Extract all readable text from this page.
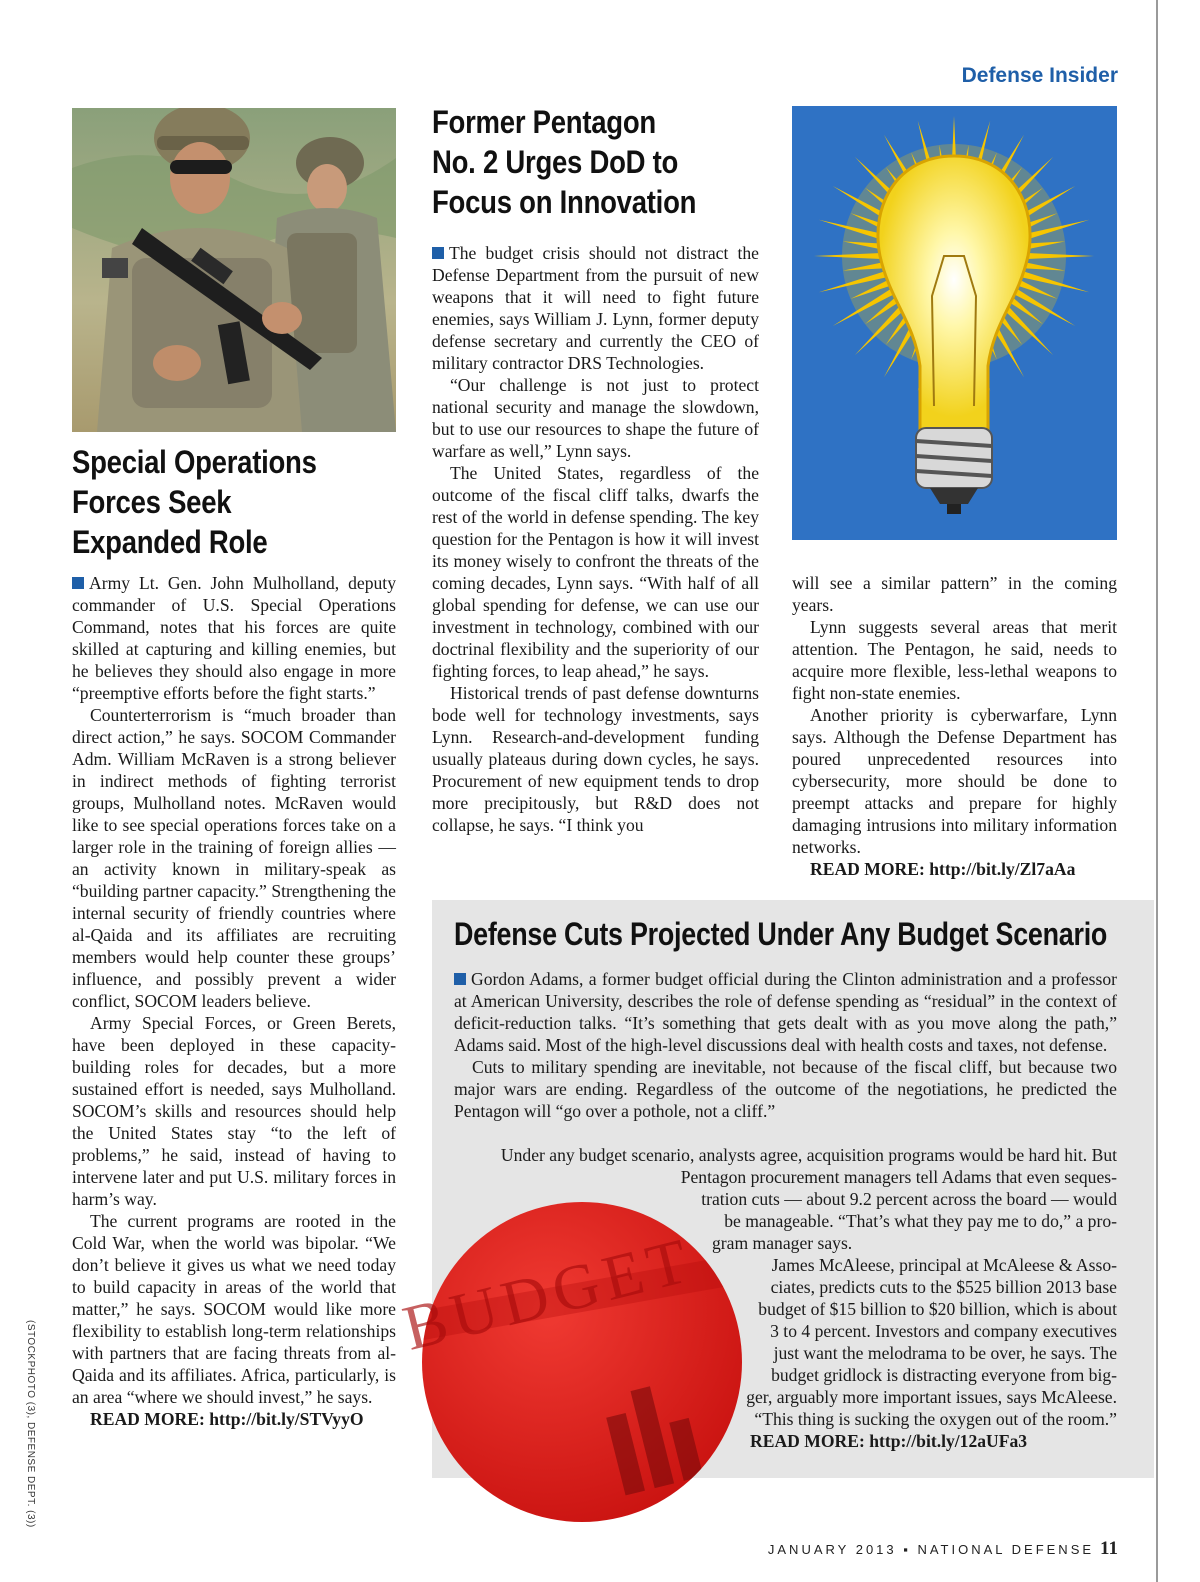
Defense Insider
Special Operations
Forces Seek
Expanded Role

Army Lt. Gen. John Mulholland, deputy commander of U.S. Special Operations Command, notes that his forces are quite skilled at capturing and killing enemies, but he believes they should also engage in more “preemptive efforts before the fight starts.”

Counterterrorism is “much broader than direct action,” he says. SOCOM Commander Adm. William McRaven is a strong believer in indirect methods of fighting terrorist groups, Mulholland notes. McRaven would like to see special operations forces take on a larger role in the training of foreign allies — an activity known in military-speak as “building partner capacity.” Strengthening the internal security of friendly countries where al-Qaida and its affiliates are recruiting members would help counter these groups’ influence, and possibly prevent a wider conflict, SOCOM leaders believe.

Army Special Forces, or Green Berets, have been deployed in these capacity-building roles for decades, but a more sustained effort is needed, says Mulholland. SOCOM’s skills and resources should help the United States stay “to the left of problems,” he said, instead of having to intervene later and put U.S. military forces in harm’s way.

The current programs are rooted in the Cold War, when the world was bipolar. “We don’t believe it gives us what we need today to build capacity in areas of the world that matter,” he says. SOCOM would like more flexibility to establish long-term relationships with partners that are facing threats from al-Qaida and its affiliates. Africa, particularly, is an area “where we should invest,” he says.

READ MORE: http://bit.ly/STVyyO
Former Pentagon
No. 2 Urges DoD to
Focus on Innovation

The budget crisis should not distract the Defense Department from the pursuit of new weapons that it will need to fight future enemies, says William J. Lynn, former deputy defense secretary and currently the CEO of military contractor DRS Technologies.

“Our challenge is not just to protect national security and manage the slowdown, but to use our resources to shape the future of warfare as well,” Lynn says.

The United States, regardless of the outcome of the fiscal cliff talks, dwarfs the rest of the world in defense spending. The key question for the Pentagon is how it will invest its money wisely to confront the threats of the coming decades, Lynn says. “With half of all global spending for defense, we can use our investment in technology, combined with our doctrinal flexibility and the superiority of our fighting forces, to leap ahead,” he says.

Historical trends of past defense downturns bode well for technology investments, says Lynn. Research-and-development funding usually plateaus during down cycles, he says. Procurement of new equipment tends to drop more precipitously, but R&D does not collapse, he says. “I think you

will see a similar pattern” in the coming years.

Lynn suggests several areas that merit attention. The Pentagon, he said, needs to acquire more flexible, less-lethal weapons to fight non-state enemies.

Another priority is cyberwarfare, Lynn says. Although the Defense Department has poured unprecedented resources into cybersecurity, more should be done to preempt attacks and prepare for highly damaging intrusions into military information networks.

READ MORE: http://bit.ly/Zl7aAa
Defense Cuts Projected Under Any Budget Scenario
BUDGET

Gordon Adams, a former budget official during the Clinton administration and a professor at American University, describes the role of defense spending as “residual” in the context of deficit-reduction talks. “It’s something that gets dealt with as you move along the path,” Adams said. Most of the high-level discussions deal with health costs and taxes, not defense.

Cuts to military spending are inevitable, not because of the fiscal cliff, but because two major wars are ending. Regardless of the outcome of the negotiations, he predicted the Pentagon will “go over a pothole, not a cliff.”

Under any budget scenario, analysts agree, acquisition programs would be hard hit. But
Pentagon procurement managers tell Adams that even seques-
tration cuts — about 9.2 percent across the board — would
be manageable. “That’s what they pay me to do,” a pro-
gram manager says.
James McAleese, principal at McAleese & Asso-
ciates, predicts cuts to the $525 billion 2013 base
budget of $15 billion to $20 billion, which is about
3 to 4 percent. Investors and company executives
just want the melodrama to be over, he says. The
budget gridlock is distracting everyone from big-
ger, arguably more important issues, says McAleese.
“This thing is sucking the oxygen out of the room.”
READ MORE: http://bit.ly/12aUFa3
(STOCKPHOTO (3), DEFENSE DEPT. (3))
JANUARY 2013 ▪ NATIONAL DEFENSE 11
